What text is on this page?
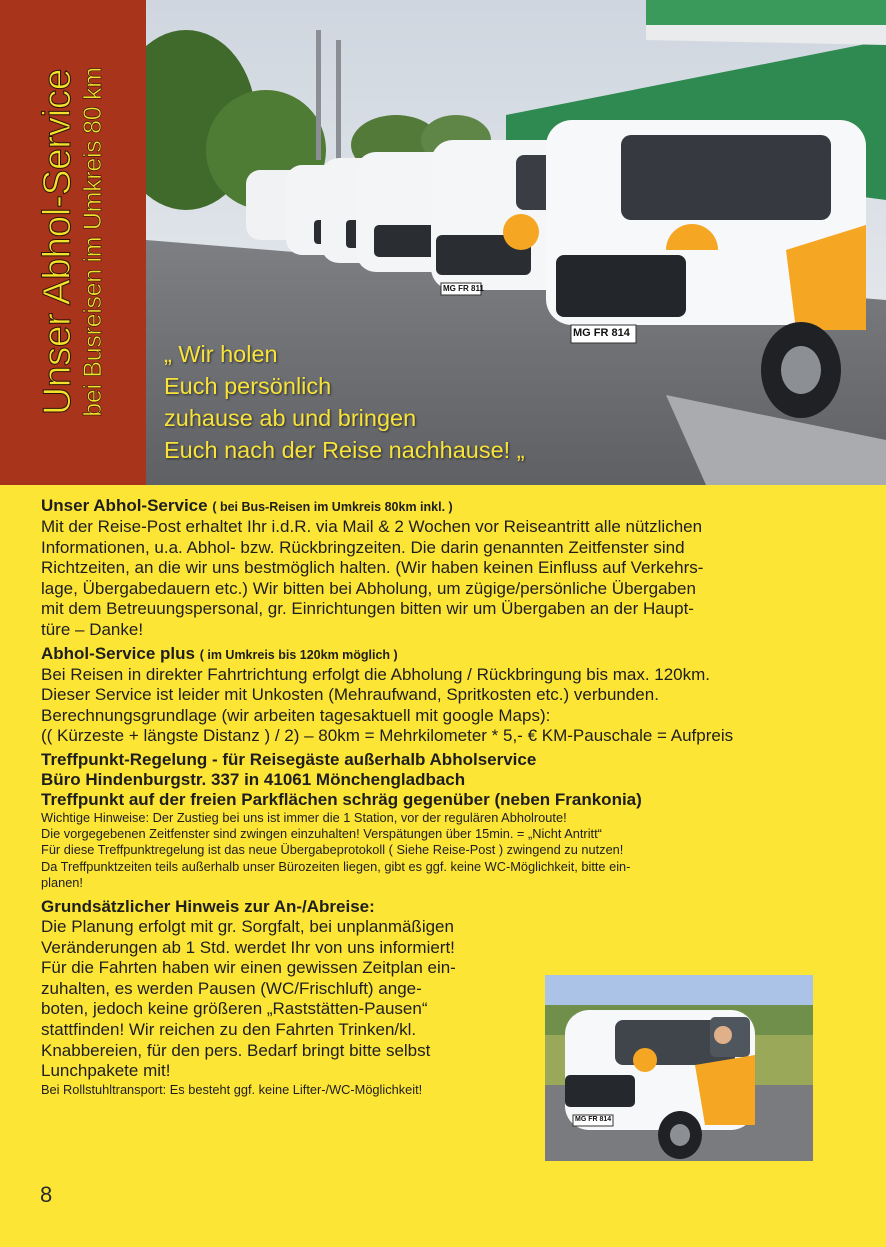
Unser Abhol-Service bei Busreisen im Umkreis 80 km	MG FR 814
MG FR 811
„ Wir holen
Euch persönlich
zuhause ab und bringen
Euch nach der Reise nachhause! „
Unser Abhol-Service ( bei Bus-Reisen im Umkreis 80km inkl. )
Mit der Reise-Post erhaltet Ihr i.d.R. via Mail & 2 Wochen vor Reiseantritt alle nützlichen
Informationen, u.a. Abhol- bzw. Rückbringzeiten. Die darin genannten Zeitfenster sind
Richtzeiten, an die wir uns bestmöglich halten. (Wir haben keinen Einfluss auf Verkehrs-
lage, Übergabedauern etc.) Wir bitten bei Abholung, um zügige/persönliche Übergaben
mit dem Betreuungspersonal, gr. Einrichtungen bitten wir um Übergaben an der Haupt-
türe – Danke!
Abhol-Service plus ( im Umkreis bis 120km möglich )
Bei Reisen in direkter Fahrtrichtung erfolgt die Abholung / Rückbringung bis max. 120km.
Dieser Service ist leider mit Unkosten (Mehraufwand, Spritkosten etc.) verbunden.
Berechnungsgrundlage (wir arbeiten tagesaktuell mit google Maps):
(( Kürzeste + längste Distanz ) / 2) – 80km = Mehrkilometer * 5,- € KM-Pauschale = Aufpreis
Treffpunkt-Regelung - für Reisegäste außerhalb Abholservice
Büro Hindenburgstr. 337 in 41061 Mönchengladbach
Treffpunkt auf der freien Parkflächen schräg gegenüber (neben Frankonia)
Wichtige Hinweise: Der Zustieg bei uns ist immer die 1 Station, vor der regulären Abholroute!
Die vorgegebenen Zeitfenster sind zwingen einzuhalten! Verspätungen über 15min. = „Nicht Antritt“
Für diese Treffpunktregelung ist das neue Übergabeprotokoll ( Siehe Reise-Post ) zwingend zu nutzen!
Da Treffpunktzeiten teils außerhalb unser Bürozeiten liegen, gibt es ggf. keine WC-Möglichkeit, bitte ein-
planen!
Grundsätzlicher Hinweis zur An-/Abreise:
Die Planung erfolgt mit gr. Sorgfalt, bei unplanmäßigen
Veränderungen ab 1 Std. werdet Ihr von uns informiert!
Für die Fahrten haben wir einen gewissen Zeitplan ein-
zuhalten, es werden Pausen (WC/Frischluft) ange-
boten, jedoch keine größeren „Raststätten-Pausen“
stattfinden! Wir reichen zu den Fahrten Trinken/kl.
Knabbereien, für den pers. Bedarf bringt bitte selbst
Lunchpakete mit!
Bei Rollstuhltransport: Es besteht ggf. keine Lifter-/WC-Möglichkeit!
MG FR 814
8
